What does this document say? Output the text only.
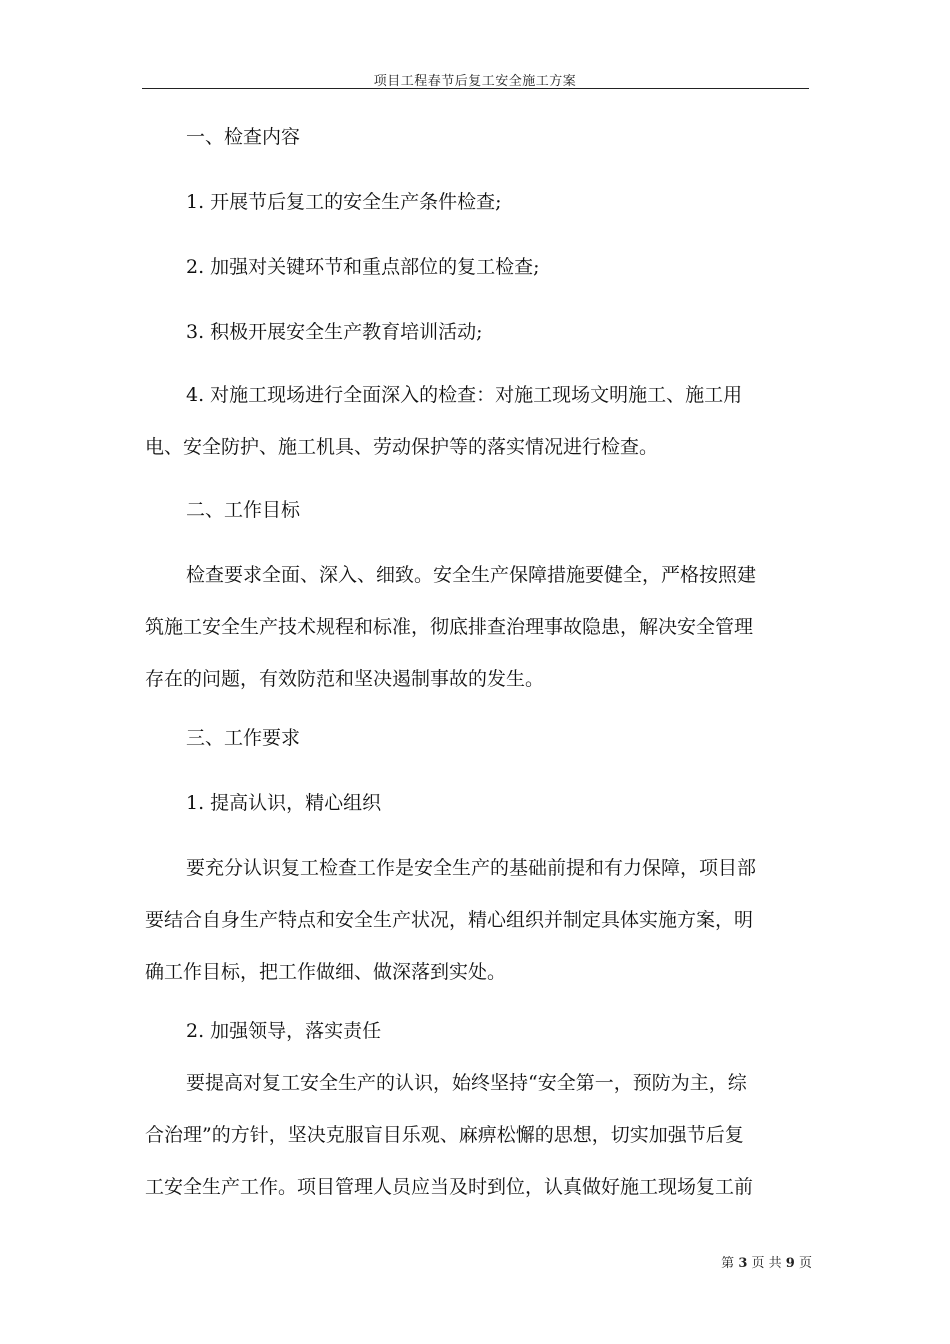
项目工程春节后复工安全施工方案

一、检查内容

1. 开展节后复工的安全生产条件检查;

2. 加强对关键环节和重点部位的复工检查;

3. 积极开展安全生产教育培训活动;

4. 对施工现场进行全面深入的检查：对施工现场文明施工、施工用
电、安全防护、施工机具、劳动保护等的落实情况进行检查。

二、工作目标

检查要求全面、深入、细致。安全生产保障措施要健全，严格按照建
筑施工安全生产技术规程和标准，彻底排查治理事故隐患，解决安全管理
存在的问题，有效防范和坚决遏制事故的发生。

三、工作要求

1. 提高认识，精心组织

要充分认识复工检查工作是安全生产的基础前提和有力保障，项目部
要结合自身生产特点和安全生产状况，精心组织并制定具体实施方案，明
确工作目标，把工作做细、做深落到实处。

2. 加强领导，落实责任

要提高对复工安全生产的认识，始终坚持“安全第一，预防为主，综
合治理”的方针，坚决克服盲目乐观、麻痹松懈的思想，切实加强节后复
工安全生产工作。项目管理人员应当及时到位，认真做好施工现场复工前

第 3 页 共 9 页
